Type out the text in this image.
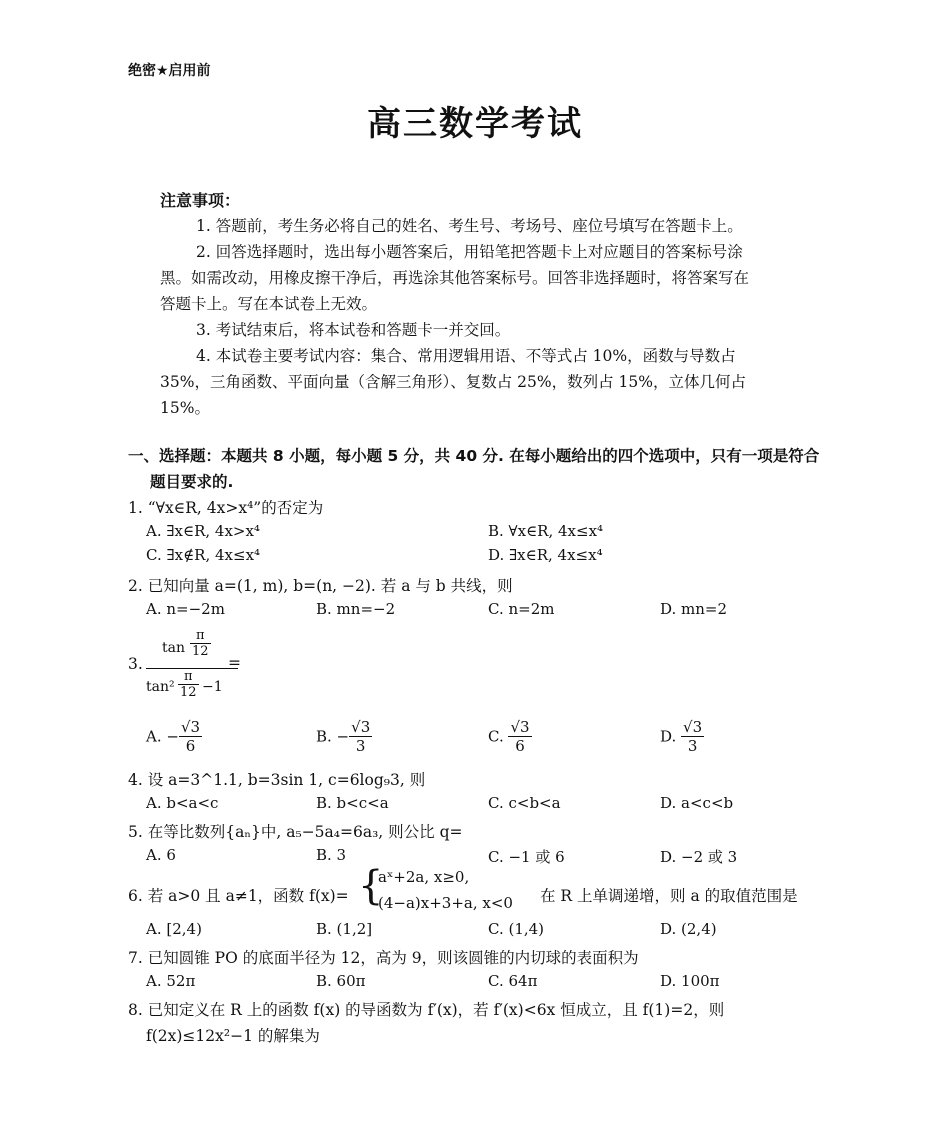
绝密★启用前
高三数学考试
注意事项：
1. 答题前，考生务必将自己的姓名、考生号、考场号、座位号填写在答题卡上。
2. 回答选择题时，选出每小题答案后，用铅笔把答题卡上对应题目的答案标号涂
黑。如需改动，用橡皮擦干净后，再选涂其他答案标号。回答非选择题时，将答案写在
答题卡上。写在本试卷上无效。
3. 考试结束后，将本试卷和答题卡一并交回。
4. 本试卷主要考试内容：集合、常用逻辑用语、不等式占 10%，函数与导数占
35%，三角函数、平面向量（含解三角形）、复数占 25%，数列占 15%，立体几何占
15%。
一、选择题：本题共 8 小题，每小题 5 分，共 40 分. 在每小题给出的四个选项中，只有一项是符合
题目要求的.
1. “∀x∈R, 4x>x⁴”的否定为
A. ∃x∈R, 4x>x⁴	B. ∀x∈R, 4x≤x⁴
C. ∃x∉R, 4x≤x⁴	D. ∃x∈R, 4x≤x⁴
2. 已知向量 a=(1, m), b=(n, −2). 若 a 与 b 共线，则
A. n=−2m	B. mn=−2	C. n=2m	D. mn=2
3.
$\tan \frac{\pi}{12}$
$\tan^2 \frac{\pi}{12} -1$
=
A. − $\frac{√3}{6}$	B. − $\frac{√3}{3}$	C. $\frac{√3}{6}$	D. $\frac{√3}{3}$
4. 设 a=3^1.1, b=3sin 1, c=6log₉3, 则
A. b<a<c	B. b<c<a	C. c<b<a	D. a<c<b
5. 在等比数列{aₙ}中, a₅−5a₄=6a₃, 则公比 q=
A. 6	B. 3	C. −1 或 6	D. −2 或 3
6. 若 a>0 且 a≠1，函数 f(x)= {
aˣ+2a, x≥0,
(4−a)x+3+a, x<0 在 R 上单调递增，则 a 的取值范围是
A. [2,4)	B. (1,2]	C. (1,4)	D. (2,4)
7. 已知圆锥 PO 的底面半径为 12，高为 9，则该圆锥的内切球的表面积为
A. 52π	B. 60π	C. 64π	D. 100π
8. 已知定义在 R 上的函数 f(x) 的导函数为 f′(x)，若 f′(x)<6x 恒成立，且 f(1)=2，则
f(2x)≤12x²−1 的解集为
